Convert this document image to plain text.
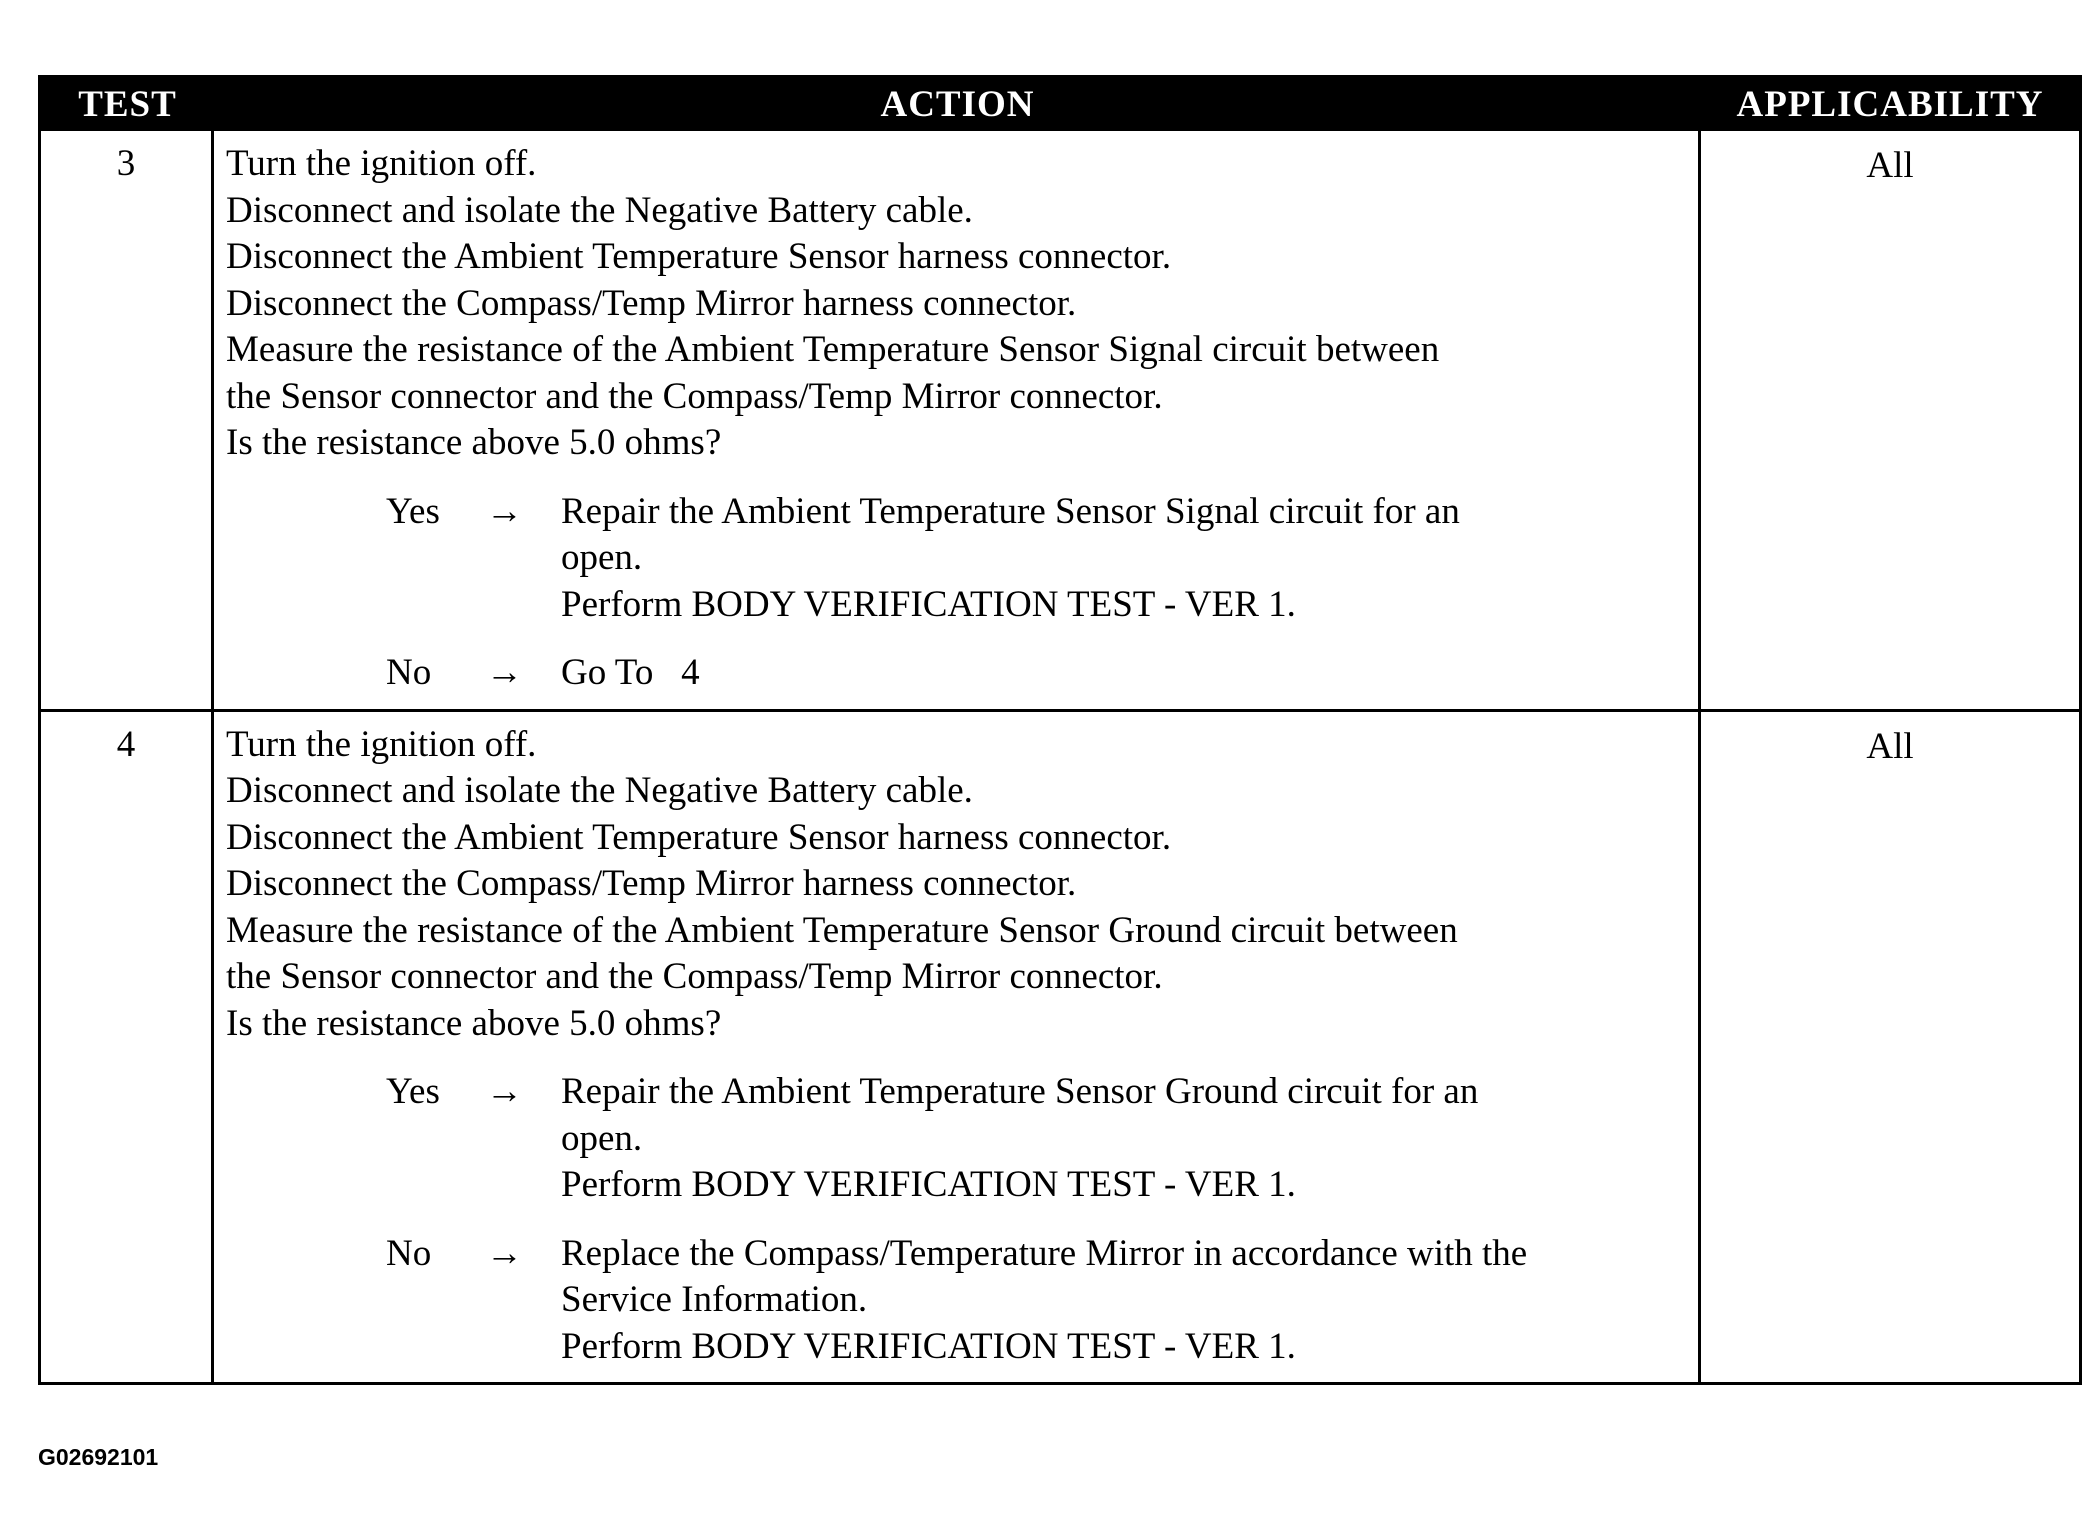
TEST	ACTION	APPLICABILITY
3	Turn the ignition off.
Disconnect and isolate the Negative Battery cable.
Disconnect the Ambient Temperature Sensor harness connector.
Disconnect the Compass/Temp Mirror harness connector.
Measure the resistance of the Ambient Temperature Sensor Signal circuit between
the Sensor connector and the Compass/Temp Mirror connector.
Is the resistance above 5.0 ohms?
Yes	→	Repair the Ambient Temperature Sensor Signal circuit for an
open.
Perform BODY VERIFICATION TEST - VER 1.
No	→	Go To   4
All
4	Turn the ignition off.
Disconnect and isolate the Negative Battery cable.
Disconnect the Ambient Temperature Sensor harness connector.
Disconnect the Compass/Temp Mirror harness connector.
Measure the resistance of the Ambient Temperature Sensor Ground circuit between
the Sensor connector and the Compass/Temp Mirror connector.
Is the resistance above 5.0 ohms?
Yes	→	Repair the Ambient Temperature Sensor Ground circuit for an
open.
Perform BODY VERIFICATION TEST - VER 1.
No	→	Replace the Compass/Temperature Mirror in accordance with the
Service Information.
Perform BODY VERIFICATION TEST - VER 1.
All
G02692101
